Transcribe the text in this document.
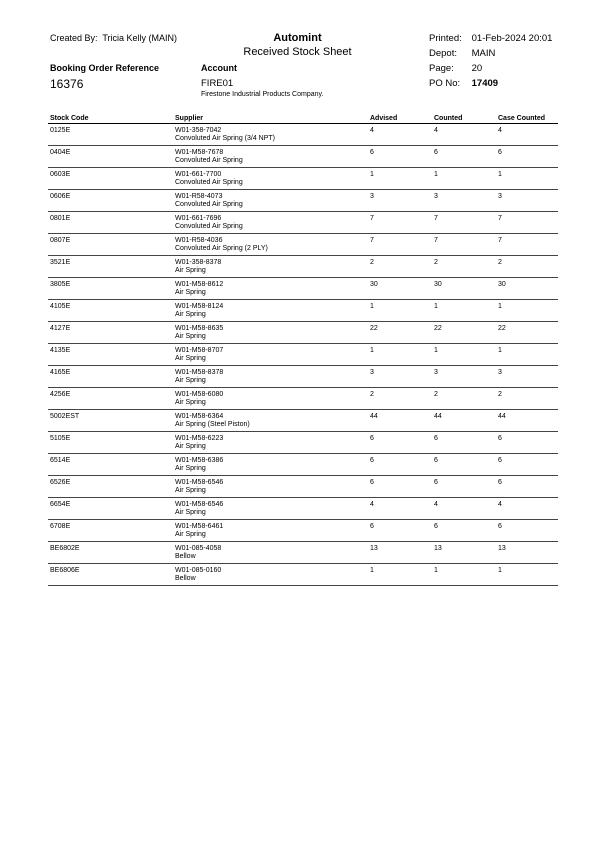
Created By: Tricia Kelly (MAIN)	Automint
Received Stock Sheet
Printed: 01-Feb-2024 20:01
Depot: MAIN
Page: 20
PO No: 17409
Booking Order Reference
16376
Account
FIRE01
Firestone Industrial Products Company.
Stock Code	Supplier	Advised	Counted	Case Counted
0125E	W01-358-7042
Convoluted Air Spring (3/4 NPT)	4	4	4
0404E	W01-M58-7678
Convoluted Air Spring	6	6	6
0603E	W01-661-7700
Convoluted Air Spring	1	1	1
0606E	W01-R58-4073
Convoluted Air Spring	3	3	3
0801E	W01-661-7696
Convoluted Air Spring	7	7	7
0807E	W01-R58-4036
Convoluted Air Spring (2 PLY)	7	7	7
3521E	W01-358-8378
Air Spring	2	2	2
3805E	W01-M58-8612
Air Spring	30	30	30
4105E	W01-M58-8124
Air Spring	1	1	1
4127E	W01-M58-8635
Air Spring	22	22	22
4135E	W01-M58-8707
Air Spring	1	1	1
4165E	W01-M58-8378
Air Spring	3	3	3
4256E	W01-M58-6080
Air Spring	2	2	2
5002EST	W01-M58-6364
Air Spring (Steel Piston)	44	44	44
5105E	W01-M58-6223
Air Spring	6	6	6
6514E	W01-M58-6386
Air Spring	6	6	6
6526E	W01-M58-6546
Air Spring	6	6	6
6654E	W01-M58-6546
Air Spring	4	4	4
6708E	W01-M58-6461
Air Spring	6	6	6
BE6802E	W01-085-4058
Bellow	13	13	13
BE6806E	W01-085-0160
Bellow	1	1	1
